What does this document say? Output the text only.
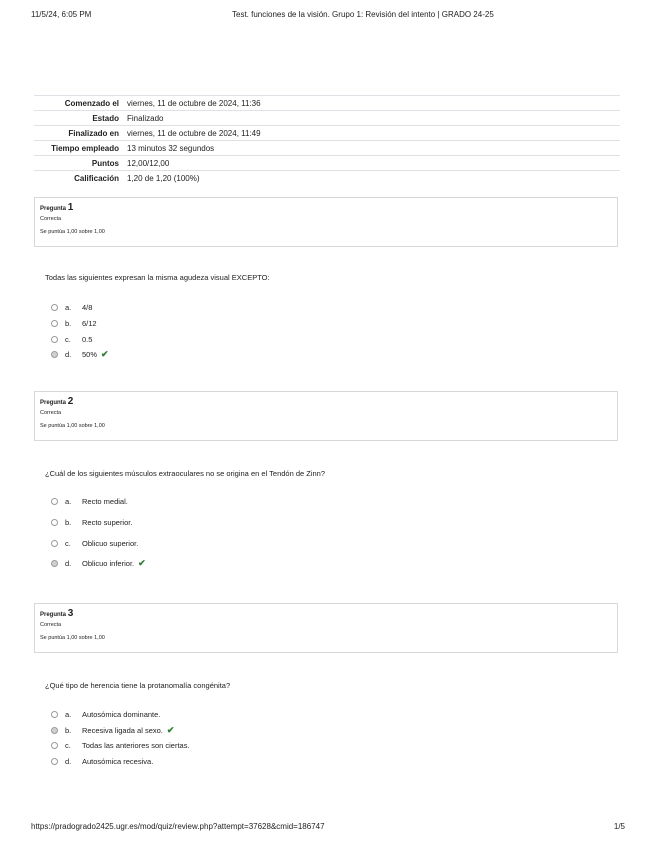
11/5/24, 6:05 PM	Test. funciones de la visión. Grupo 1: Revisión del intento | GRADO 24-25
Comenzado el	viernes, 11 de octubre de 2024, 11:36
Estado	Finalizado
Finalizado en	viernes, 11 de octubre de 2024, 11:49
Tiempo empleado	13 minutos 32 segundos
Puntos	12,00/12,00
Calificación	1,20 de 1,20 (100%)
Pregunta 1
Correcta
Se puntúa 1,00 sobre 1,00
Todas las siguientes expresan la misma agudeza visual EXCEPTO:
a.	4/8
b.	6/12
c.	0.5
d.	50% ✔
Pregunta 2
Correcta
Se puntúa 1,00 sobre 1,00
¿Cuál de los siguientes músculos extraoculares no se origina en el Tendón de Zinn?
a.	Recto medial.
b.	Recto superior.
c.	Oblicuo superior.
d.	Oblicuo inferior. ✔
Pregunta 3
Correcta
Se puntúa 1,00 sobre 1,00
¿Qué tipo de herencia tiene la protanomalía congénita?
a.	Autosómica dominante.
b.	Recesiva ligada al sexo. ✔
c.	Todas las anteriores son ciertas.
d.	Autosómica recesiva.
https://pradogrado2425.ugr.es/mod/quiz/review.php?attempt=37628&cmid=186747	1/5
